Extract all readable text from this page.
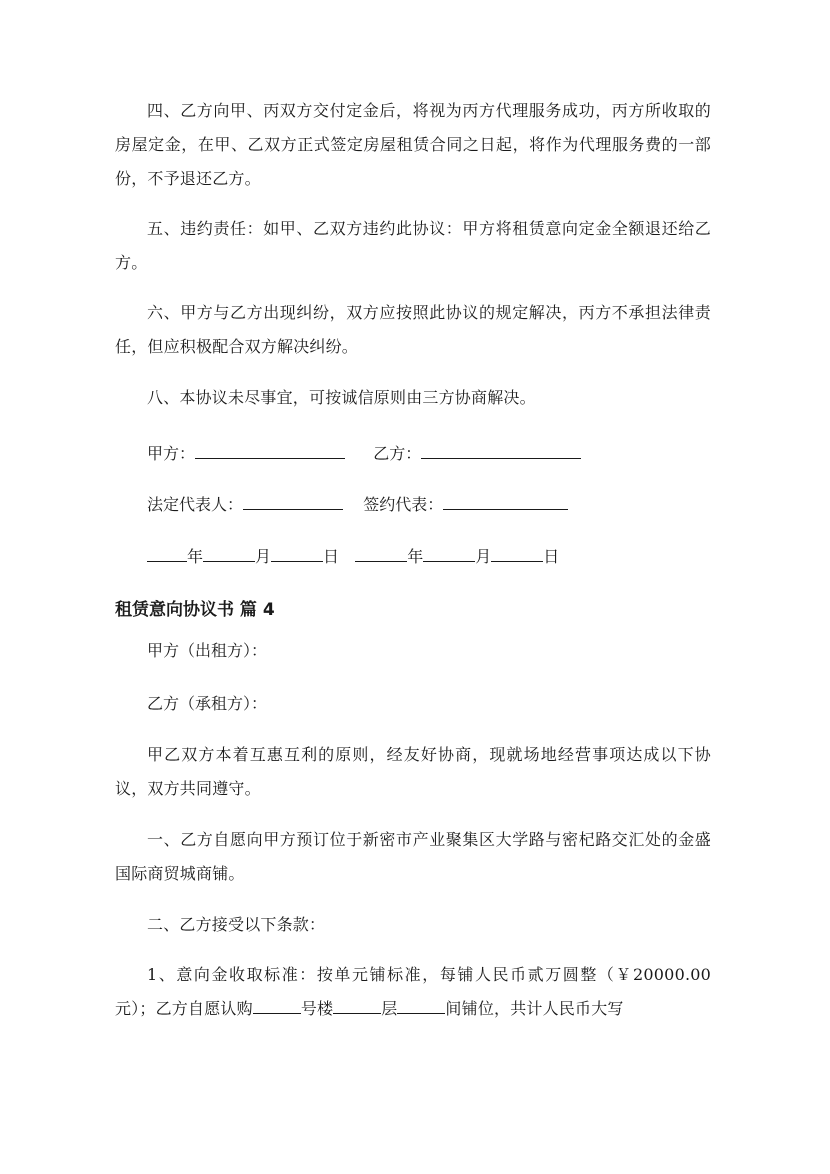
四、乙方向甲、丙双方交付定金后，将视为丙方代理服务成功，丙方所收取的房屋定金，在甲、乙双方正式签定房屋租赁合同之日起，将作为代理服务费的一部份，不予退还乙方。

五、违约责任：如甲、乙双方违约此协议：甲方将租赁意向定金全额退还给乙方。

六、甲方与乙方出现纠纷，双方应按照此协议的规定解决，丙方不承担法律责任，但应积极配合双方解决纠纷。

八、本协议未尽事宜，可按诚信原则由三方协商解决。

甲方：	乙方：
法定代表人：	签约代表：
年	月	日	年	月	日
租赁意向协议书 篇 4

甲方（出租方）：

乙方（承租方）：

甲乙双方本着互惠互利的原则，经友好协商，现就场地经营事项达成以下协议，双方共同遵守。

一、乙方自愿向甲方预订位于新密市产业聚集区大学路与密杞路交汇处的金盛国际商贸城商铺。

二、乙方接受以下条款：

1、意向金收取标准：按单元铺标准，每铺人民币贰万圆整（￥20000.00元）；乙方自愿认购	号楼	层	间铺位，共计人民币大写
